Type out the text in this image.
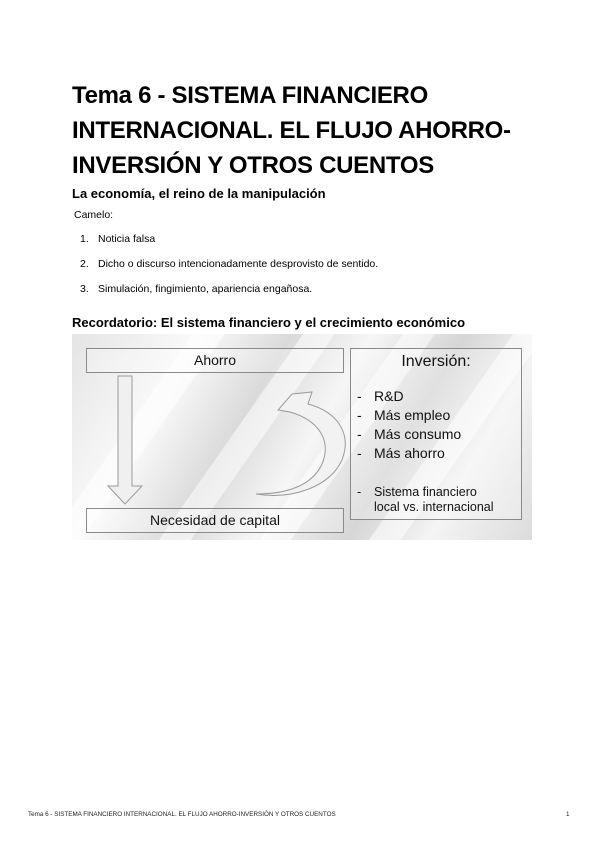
Tema 6 - SISTEMA FINANCIERO
INTERNACIONAL. EL FLUJO AHORRO-
INVERSIÓN Y OTROS CUENTOS
La economía, el reino de la manipulación
Camelo:
1. Noticia falsa
2. Dicho o discurso intencionadamente desprovisto de sentido.
3. Simulación, fingimiento, apariencia engañosa.
Recordatorio: El sistema financiero y el crecimiento económico
Ahorro
Necesidad de capital
Inversión:
- R&D
- Más empleo
- Más consumo
- Más ahorro
- Sistema financiero
local vs. internacional
Tema 6 - SISTEMA FINANCIERO INTERNACIONAL. EL FLUJO AHORRO-INVERSIÓN Y OTROS CUENTOS	1
